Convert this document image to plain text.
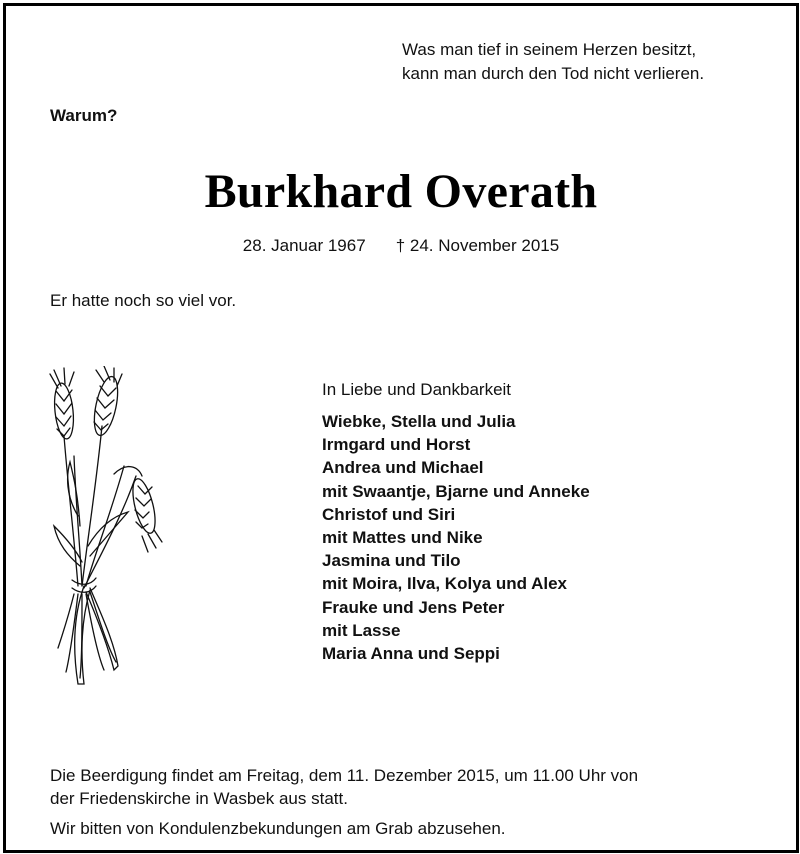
Was man tief in seinem Herzen besitzt,
kann man durch den Tod nicht verlieren.
Warum?
Burkhard Overath
28. Januar 1967 † 24. November 2015
Er hatte noch so viel vor.
In Liebe und Dankbarkeit
Wiebke, Stella und Julia
Irmgard und Horst
Andrea und Michael
mit Swaantje, Bjarne und Anneke
Christof und Siri
mit Mattes und Nike
Jasmina und Tilo
mit Moira, Ilva, Kolya und Alex
Frauke und Jens Peter
mit Lasse
Maria Anna und Seppi
Die Beerdigung findet am Freitag, dem 11. Dezember 2015, um 11.00 Uhr von
der Friedenskirche in Wasbek aus statt.
Wir bitten von Kondulenzbekundungen am Grab abzusehen.
